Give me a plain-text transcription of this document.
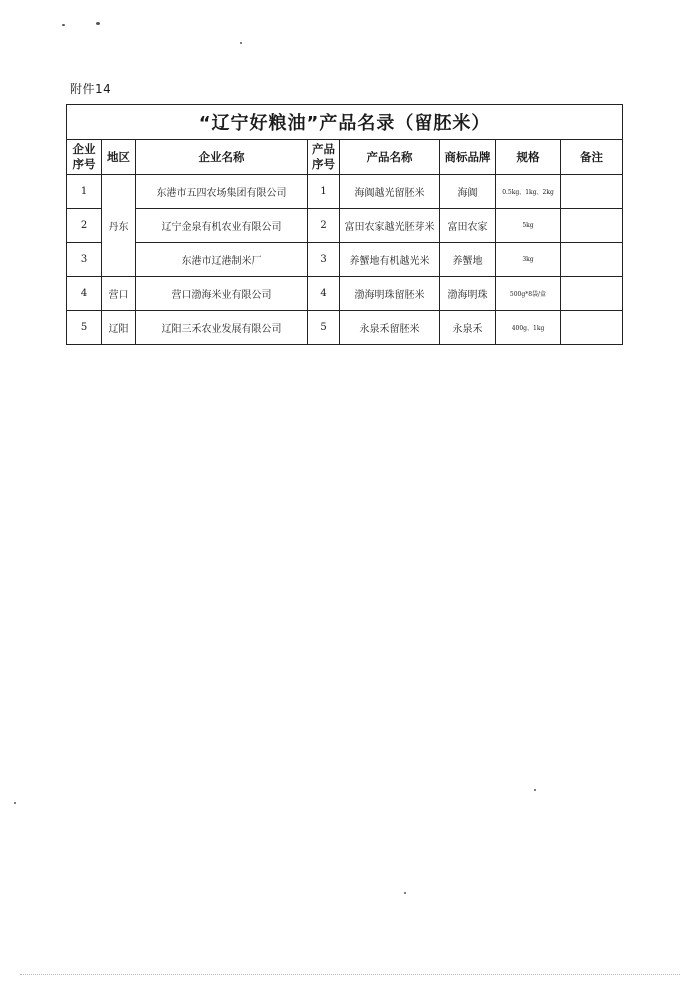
附件14
“辽宁好粮油”产品名录（留胚米）							
企业序号	地区	企业名称	产品序号	产品名称	商标品牌	规格	备注
1	丹东	东港市五四农场集团有限公司	1	海阗越光留胚米	海阗	0.5kg、1kg、2kg	
2		辽宁金泉有机农业有限公司	2	富田农家越光胚芽米	富田农家	5kg	
3		东港市辽港制米厂	3	养蟹地有机越光米	养蟹地	3kg	
4	营口	营口渤海米业有限公司	4	渤海明珠留胚米	渤海明珠	500g*8袋/盒	
5	辽阳	辽阳三禾农业发展有限公司	5	永泉禾留胚米	永泉禾	400g、1kg	
